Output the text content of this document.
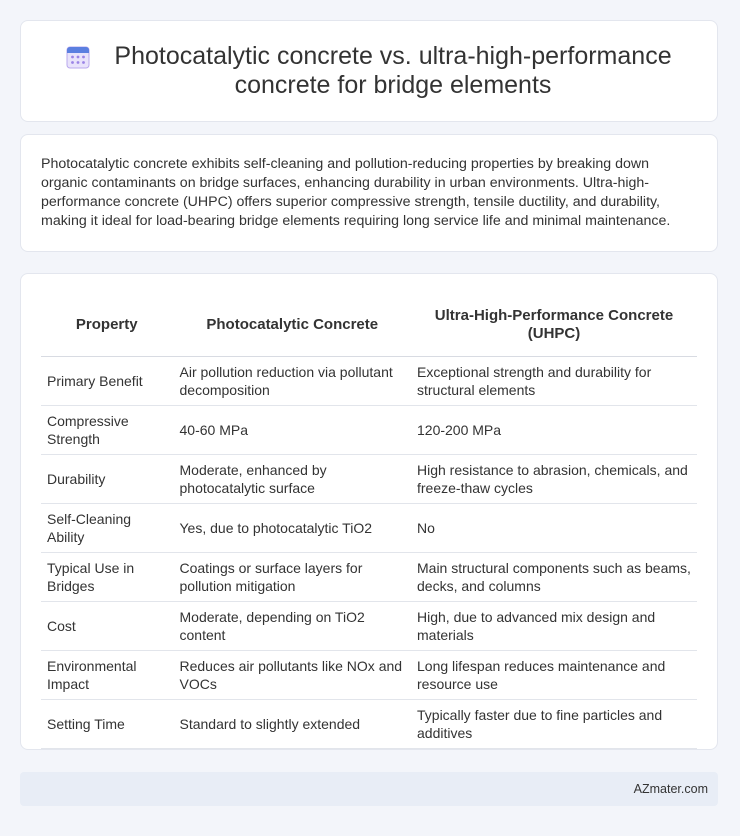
Photocatalytic concrete vs. ultra-high-performance concrete for bridge elements

Photocatalytic concrete exhibits self-cleaning and pollution-reducing properties by breaking down organic contaminants on bridge surfaces, enhancing durability in urban environments. Ultra-high-performance concrete (UHPC) offers superior compressive strength, tensile ductility, and durability, making it ideal for load-bearing bridge elements requiring long service life and minimal maintenance.

Property	Photocatalytic Concrete	Ultra-High-Performance Concrete (UHPC)
Primary Benefit	Air pollution reduction via pollutant decomposition	Exceptional strength and durability for structural elements
Compressive Strength	40-60 MPa	120-200 MPa
Durability	Moderate, enhanced by photocatalytic surface	High resistance to abrasion, chemicals, and freeze-thaw cycles
Self-Cleaning Ability	Yes, due to photocatalytic TiO2	No
Typical Use in Bridges	Coatings or surface layers for pollution mitigation	Main structural components such as beams, decks, and columns
Cost	Moderate, depending on TiO2 content	High, due to advanced mix design and materials
Environmental Impact	Reduces air pollutants like NOx and VOCs	Long lifespan reduces maintenance and resource use
Setting Time	Standard to slightly extended	Typically faster due to fine particles and additives
AZmater.com
